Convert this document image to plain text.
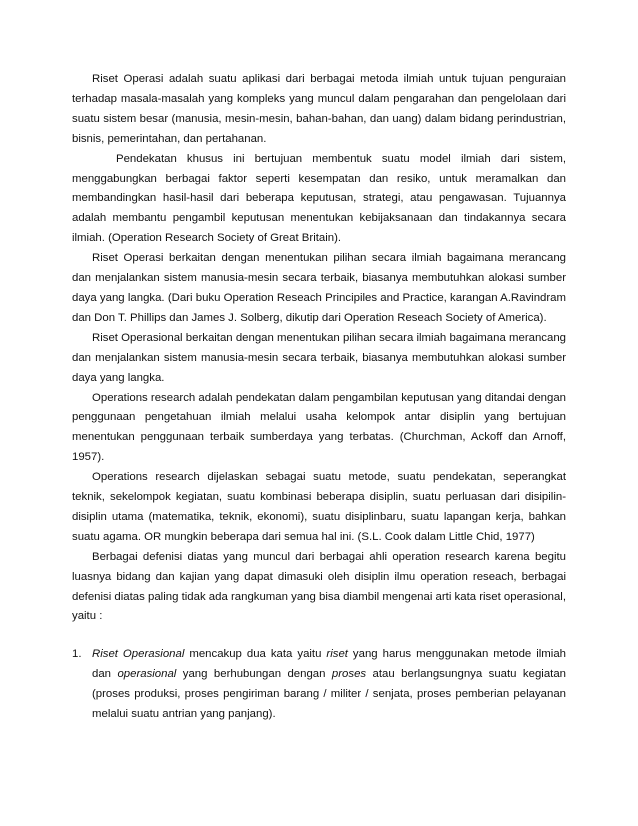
Riset Operasi adalah suatu aplikasi dari berbagai metoda ilmiah untuk tujuan penguraian terhadap masala-masalah yang kompleks yang muncul dalam pengarahan dan pengelolaan dari suatu sistem besar (manusia, mesin-mesin, bahan-bahan, dan uang) dalam bidang perindustrian, bisnis, pemerintahan, dan pertahanan.

Pendekatan khusus ini bertujuan membentuk suatu model ilmiah dari sistem, menggabungkan berbagai faktor seperti kesempatan dan resiko, untuk meramalkan dan membandingkan hasil-hasil dari beberapa keputusan, strategi, atau pengawasan. Tujuannya adalah membantu pengambil keputusan menentukan kebijaksanaan dan tindakannya secara ilmiah. (Operation Research Society of Great Britain).

Riset Operasi berkaitan dengan menentukan pilihan secara ilmiah bagaimana merancang dan menjalankan sistem manusia-mesin secara terbaik, biasanya membutuhkan alokasi sumber daya yang langka. (Dari buku Operation Reseach Principiles and Practice, karangan A.Ravindram dan Don T. Phillips dan James J. Solberg, dikutip dari Operation Reseach Society of America).

Riset Operasional berkaitan dengan menentukan pilihan secara ilmiah bagaimana merancang dan menjalankan sistem manusia-mesin secara terbaik, biasanya membutuhkan alokasi sumber daya yang langka.

Operations research adalah pendekatan dalam pengambilan keputusan yang ditandai dengan penggunaan pengetahuan ilmiah melalui usaha kelompok antar disiplin yang bertujuan menentukan penggunaan terbaik sumberdaya yang terbatas. (Churchman, Ackoff dan Arnoff, 1957).

Operations research dijelaskan sebagai suatu metode, suatu pendekatan, seperangkat teknik, sekelompok kegiatan, suatu kombinasi beberapa disiplin, suatu perluasan dari disipilin-disiplin utama (matematika, teknik, ekonomi), suatu disiplinbaru, suatu lapangan kerja, bahkan suatu agama. OR mungkin beberapa dari semua hal ini. (S.L. Cook dalam Little Chid, 1977)

Berbagai defenisi diatas yang muncul dari berbagai ahli operation research karena begitu luasnya bidang dan kajian yang dapat dimasuki oleh disiplin ilmu operation reseach, berbagai defenisi diatas paling tidak ada rangkuman yang bisa diambil mengenai arti kata riset operasional, yaitu :

1. Riset Operasional mencakup dua kata yaitu riset yang harus menggunakan metode ilmiah dan operasional yang berhubungan dengan proses atau berlangsungnya suatu kegiatan (proses produksi, proses pengiriman barang / militer / senjata, proses pemberian pelayanan melalui suatu antrian yang panjang).
